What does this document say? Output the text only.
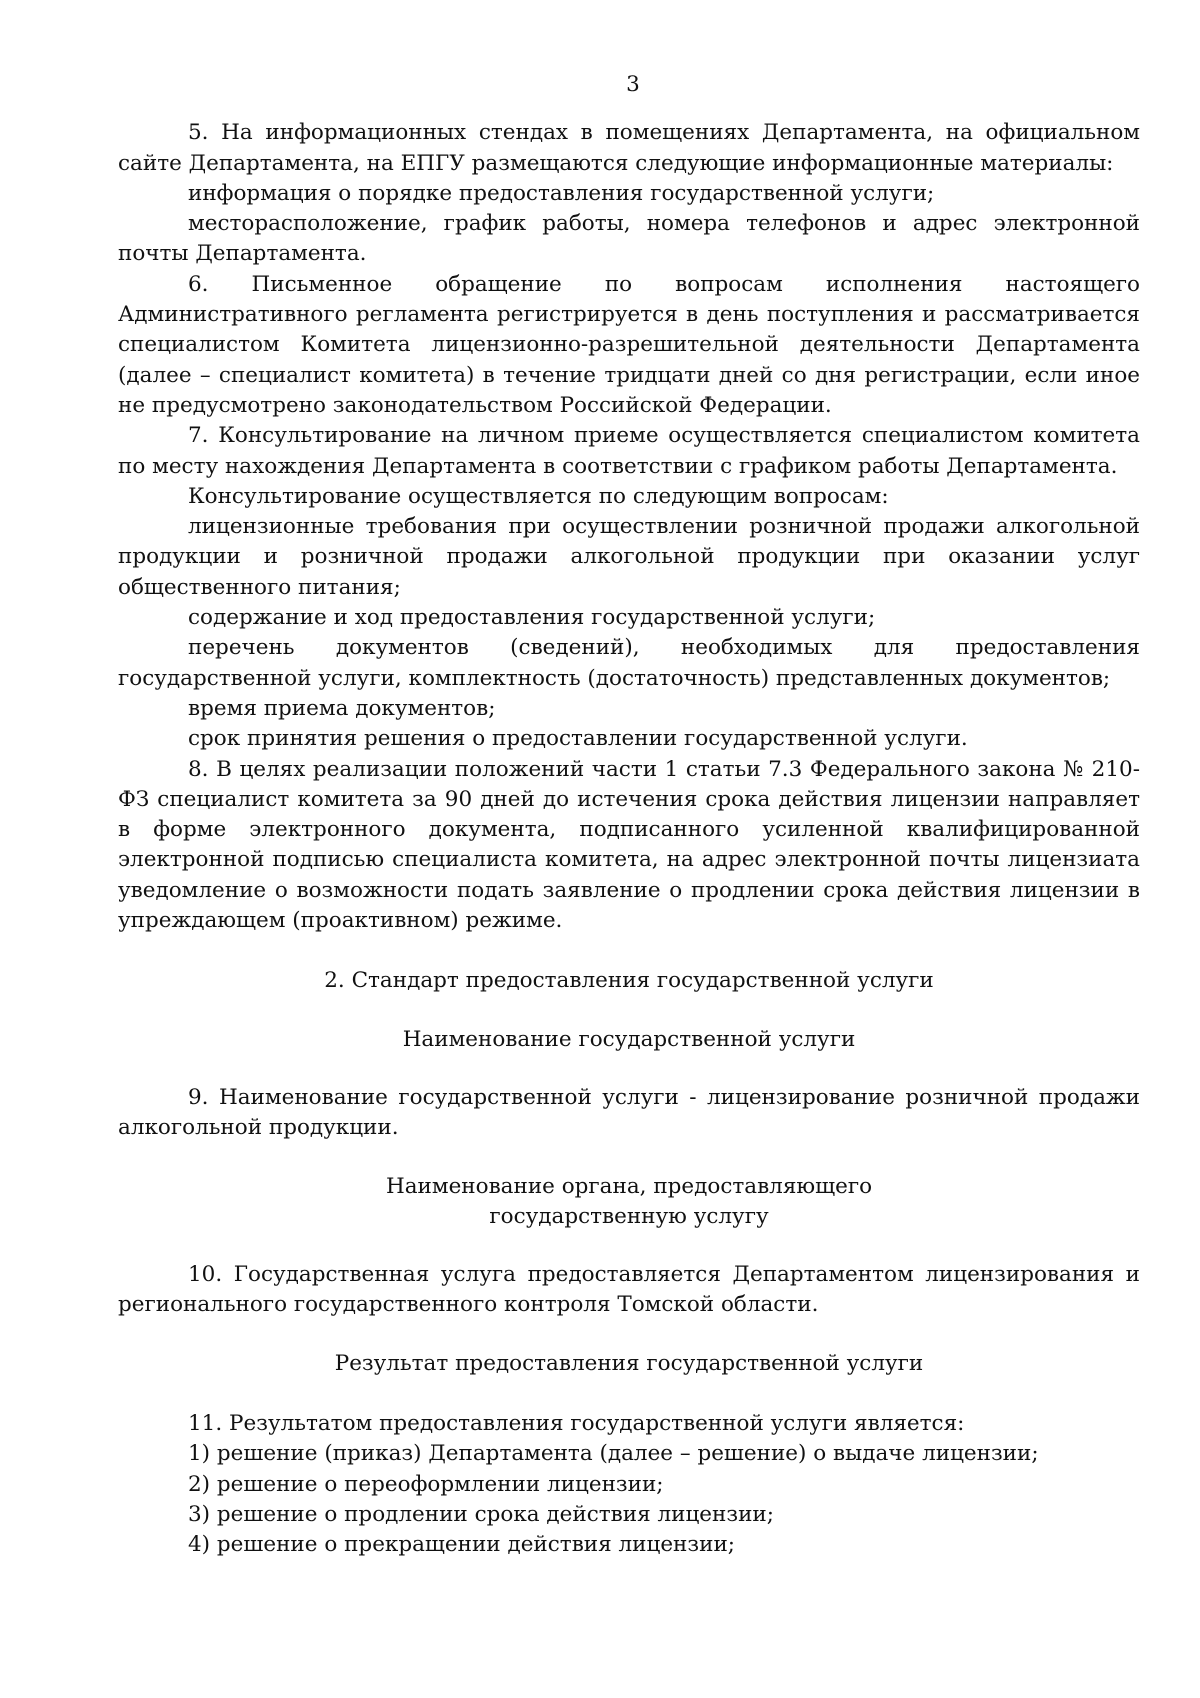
3

5. На информационных стендах в помещениях Департамента, на официальном сайте Департамента, на ЕПГУ размещаются следующие информационные материалы:

информация о порядке предоставления государственной услуги;

месторасположение, график работы, номера телефонов и адрес электронной почты Департамента.

6. Письменное обращение по вопросам исполнения настоящего Административного регламента регистрируется в день поступления и рассматривается специалистом Комитета лицензионно-разрешительной деятельности Департамента (далее – специалист комитета) в течение тридцати дней со дня регистрации, если иное не предусмотрено законодательством Российской Федерации.

7. Консультирование на личном приеме осуществляется специалистом комитета по месту нахождения Департамента в соответствии с графиком работы Департамента.

Консультирование осуществляется по следующим вопросам:

лицензионные требования при осуществлении розничной продажи алкогольной продукции и розничной продажи алкогольной продукции при оказании услуг общественного питания;

содержание и ход предоставления государственной услуги;

перечень документов (сведений), необходимых для предоставления государственной услуги, комплектность (достаточность) представленных документов;

время приема документов;

срок принятия решения о предоставлении государственной услуги.

8. В целях реализации положений части 1 статьи 7.3 Федерального закона № 210-ФЗ специалист комитета за 90 дней до истечения срока действия лицензии направляет в форме электронного документа, подписанного усиленной квалифицированной электронной подписью специалиста комитета, на адрес электронной почты лицензиата уведомление о возможности подать заявление о продлении срока действия лицензии в упреждающем (проактивном) режиме.

2. Стандарт предоставления государственной услуги

Наименование государственной услуги

9. Наименование государственной услуги - лицензирование розничной продажи алкогольной продукции.

Наименование органа, предоставляющего

государственную услугу

10. Государственная услуга предоставляется Департаментом лицензирования и регионального государственного контроля Томской области.

Результат предоставления государственной услуги

11. Результатом предоставления государственной услуги является:

1) решение (приказ) Департамента (далее – решение) о выдаче лицензии;

2) решение о переоформлении лицензии;

3) решение о продлении срока действия лицензии;

4) решение о прекращении действия лицензии;
